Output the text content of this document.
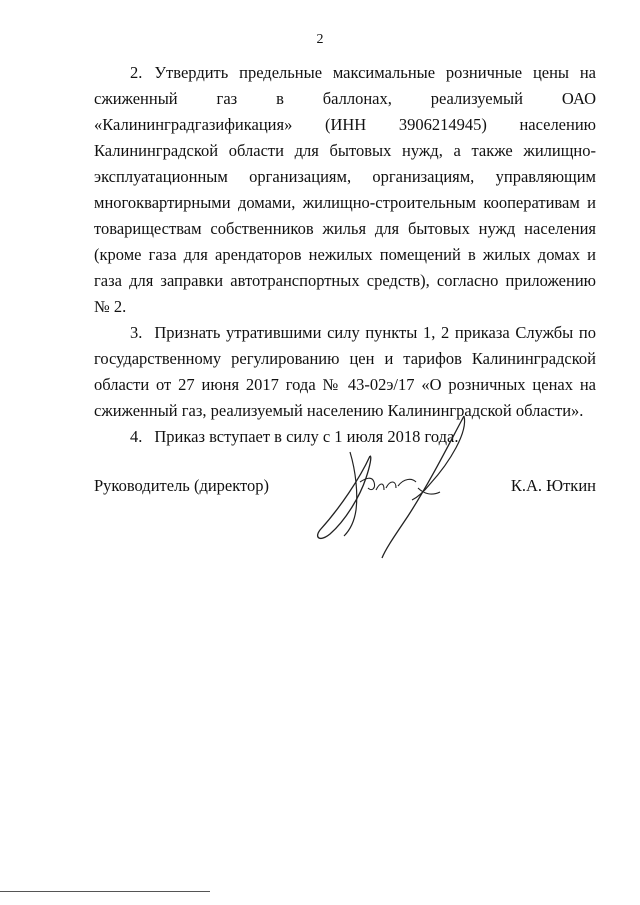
2

2. Утвердить предельные максимальные розничные цены на сжиженный газ в баллонах, реализуемый ОАО «Калининградгазификация» (ИНН 3906214945) населению Калининградской области для бытовых нужд, а также жилищно-эксплуатационным организациям, организациям, управляющим многоквартирными домами, жилищно-строительным кооперативам и товариществам собственников жилья для бытовых нужд населения (кроме газа для арендаторов нежилых помещений в жилых домах и газа для заправки автотранспортных средств), согласно приложению № 2.

3. Признать утратившими силу пункты 1, 2 приказа Службы по государственному регулированию цен и тарифов Калининградской области от 27 июня 2017 года № 43-02э/17 «О розничных ценах на сжиженный газ, реализуемый населению Калининградской области».

4. Приказ вступает в силу с 1 июля 2018 года.

Руководитель (директор)	К.А. Юткин
